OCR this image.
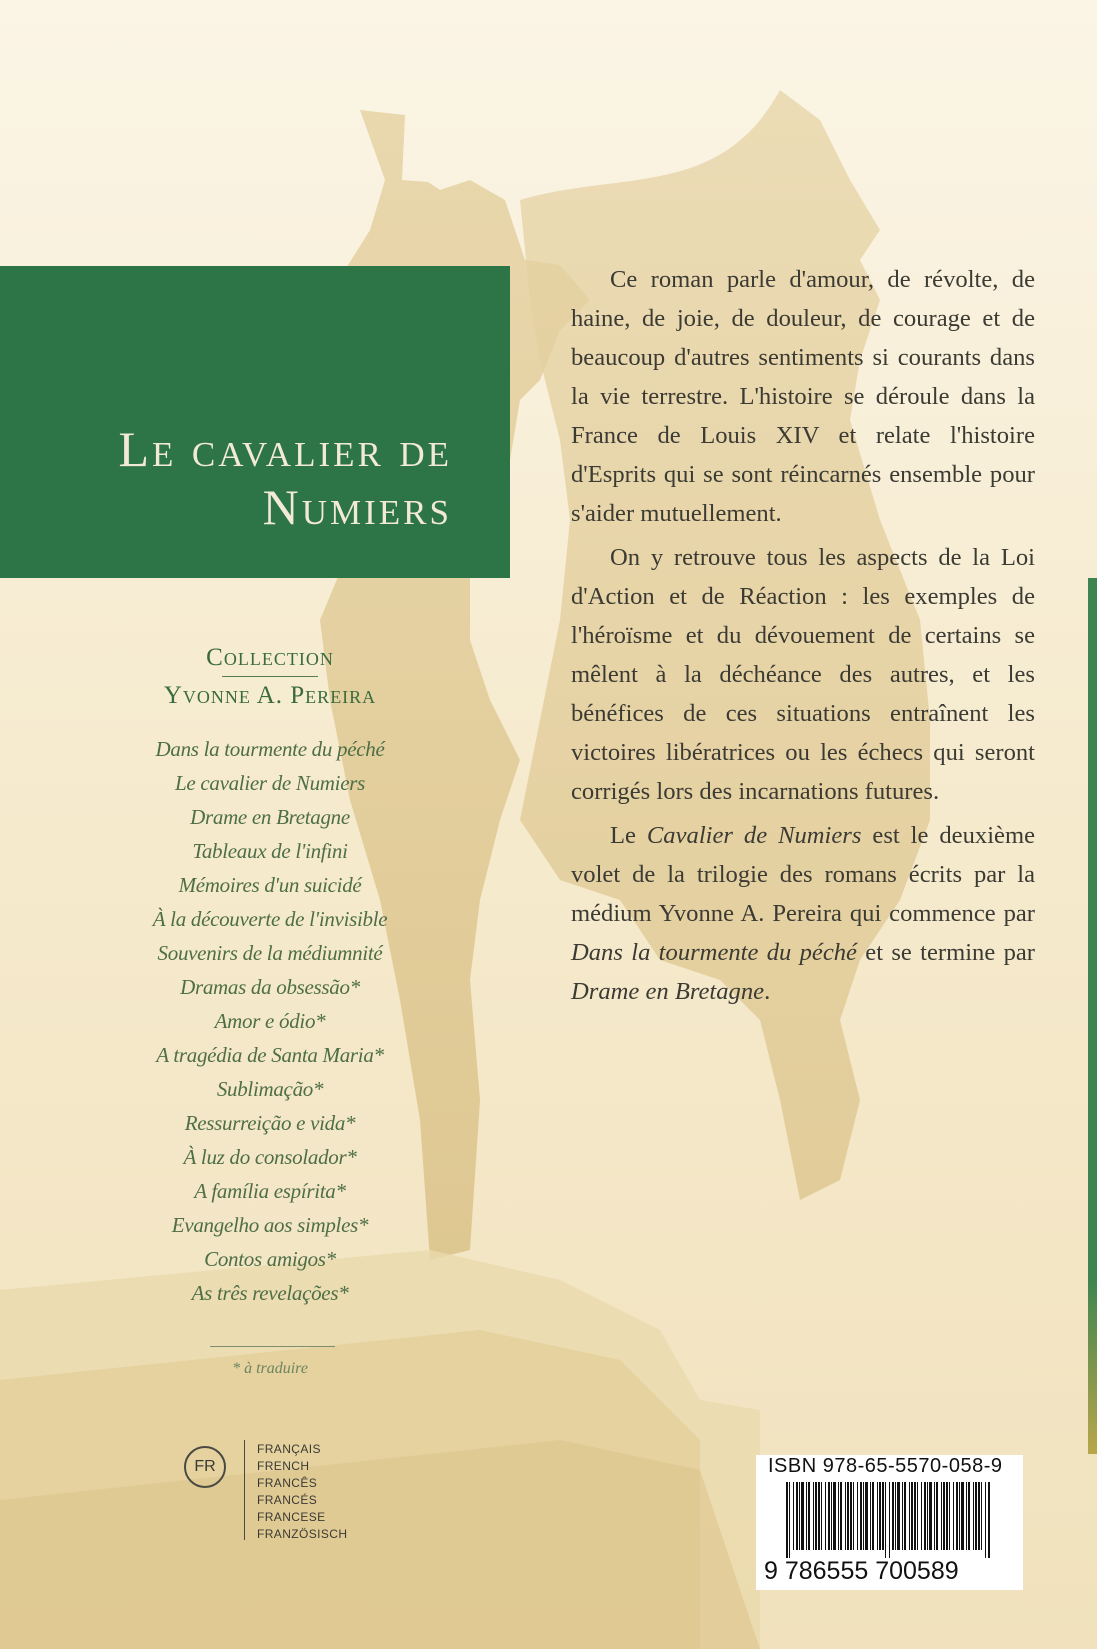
Le cavalier de
Numiers
Collection
Yvonne A. Pereira
Dans la tourmente du péché
Le cavalier de Numiers
Drame en Bretagne
Tableaux de l'infini
Mémoires d'un suicidé
À la découverte de l'invisible
Souvenirs de la médiumnité
Dramas da obsessão*
Amor e ódio*
A tragédia de Santa Maria*
Sublimação*
Ressurreição e vida*
À luz do consolador*
A família espírita*
Evangelho aos simples*
Contos amigos*
As três revelações*
* à traduire
FR
FRANÇAIS
FRENCH
FRANCÊS
FRANCÉS
FRANCESE
FRANZÖSISCH

Ce roman parle d'amour, de révolte, de haine, de joie, de douleur, de courage et de beaucoup d'autres sentiments si courants dans la vie terrestre. L'histoire se déroule dans la France de Louis XIV et relate l'histoire d'Esprits qui se sont réincarnés ensemble pour s'aider mutuellement.

On y retrouve tous les aspects de la Loi d'Action et de Réaction : les exemples de l'héroïsme et du dévouement de certains se mêlent à la déchéance des autres, et les bénéfices de ces situations entraînent les victoires libératrices ou les échecs qui seront corrigés lors des incarnations futures.

Le Cavalier de Numiers est le deuxième volet de la trilogie des romans écrits par la médium Yvonne A. Pereira qui commence par Dans la tourmente du péché et se termine par Drame en Bretagne.

ISBN 978-65-5570-058-9
9 786555 700589
